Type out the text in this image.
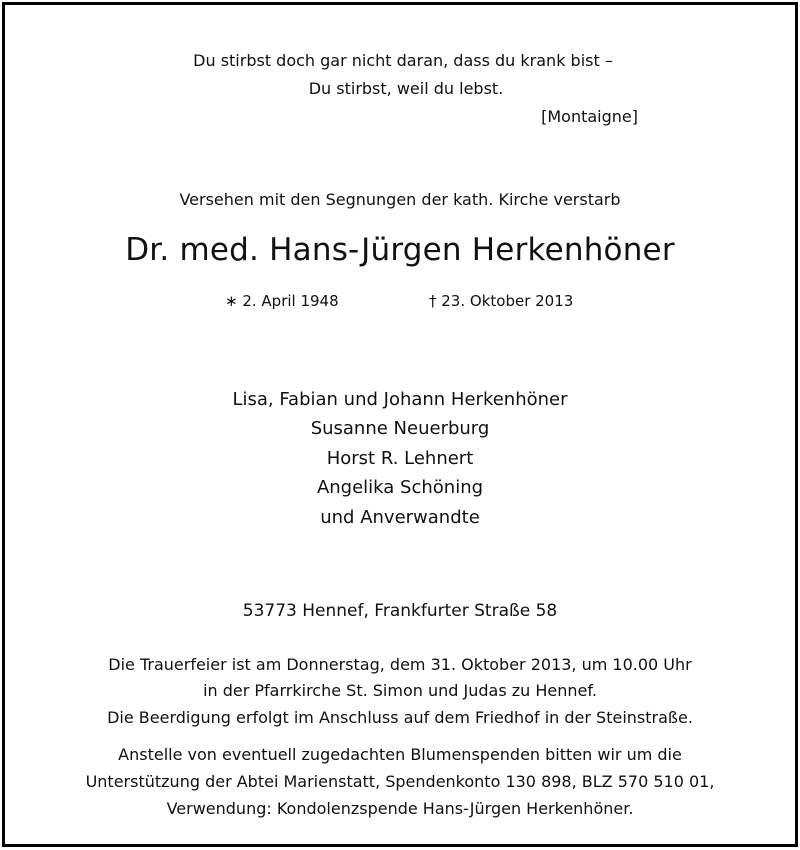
Du stirbst doch gar nicht daran, dass du krank bist –
Du stirbst, weil du lebst.
[Montaigne]
Versehen mit den Segnungen der kath. Kirche verstarb
Dr. med. Hans-Jürgen Herkenhöner
∗ 2. April 1948	† 23. Oktober 2013
Lisa, Fabian und Johann Herkenhöner
Susanne Neuerburg
Horst R. Lehnert
Angelika Schöning
und Anverwandte
53773 Hennef, Frankfurter Straße 58
Die Trauerfeier ist am Donnerstag, dem 31. Oktober 2013, um 10.00 Uhr
in der Pfarrkirche St. Simon und Judas zu Hennef.
Die Beerdigung erfolgt im Anschluss auf dem Friedhof in der Steinstraße.
Anstelle von eventuell zugedachten Blumenspenden bitten wir um die
Unterstützung der Abtei Marienstatt, Spendenkonto 130 898, BLZ 570 510 01,
Verwendung: Kondolenzspende Hans-Jürgen Herkenhöner.
